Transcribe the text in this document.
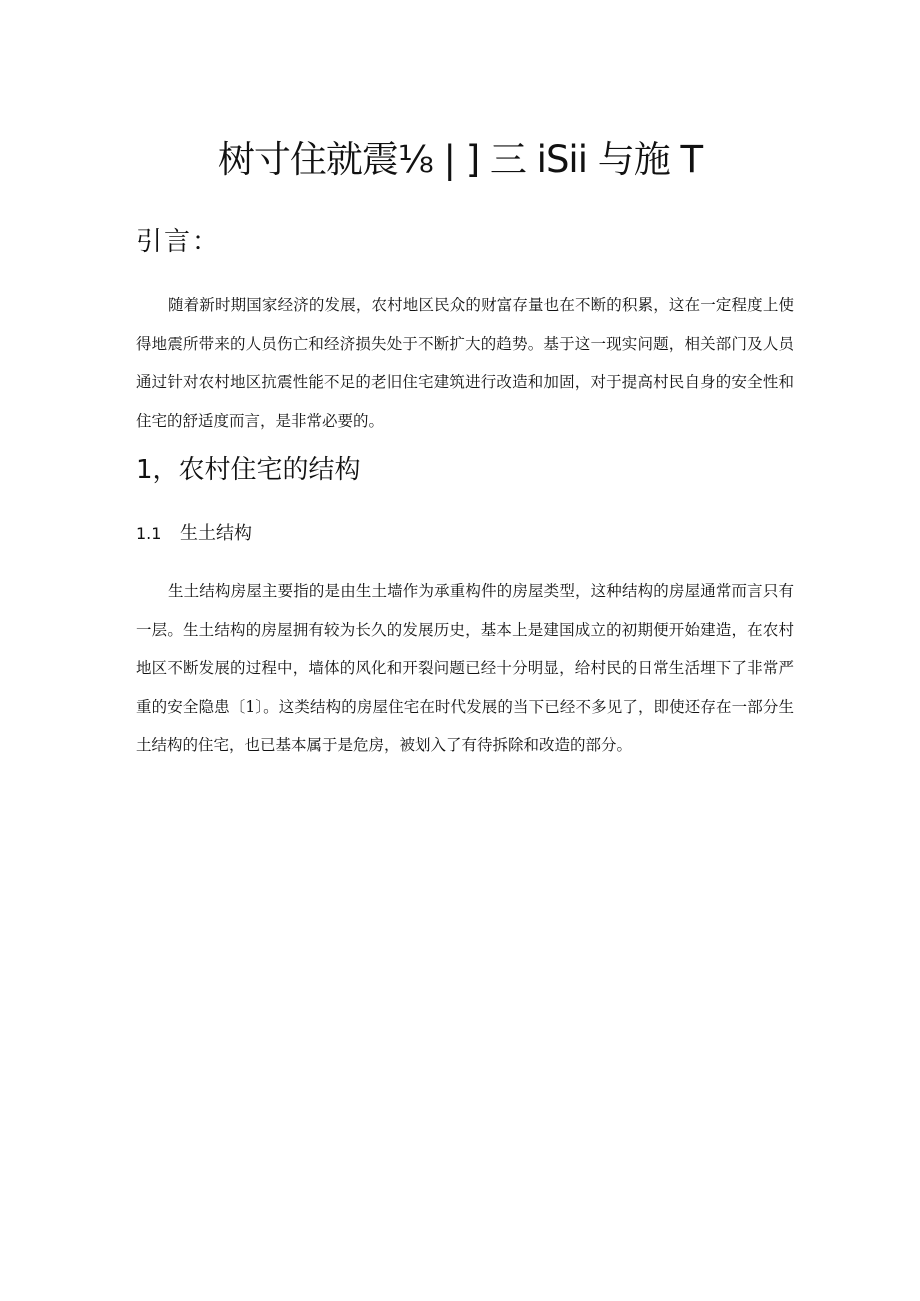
树寸住就震⅛ | ] 三 iSii 与施 T
引言：

随着新时期国家经济的发展，农村地区民众的财富存量也在不断的积累，这在一定程度上使得地震所带来的人员伤亡和经济损失处于不断扩大的趋势。基于这一现实问题，相关部门及人员通过针对农村地区抗震性能不足的老旧住宅建筑进行改造和加固，对于提高村民自身的安全性和住宅的舒适度而言，是非常必要的。

1，农村住宅的结构
1.1 生土结构

生土结构房屋主要指的是由生土墙作为承重构件的房屋类型，这种结构的房屋通常而言只有一层。生土结构的房屋拥有较为长久的发展历史，基本上是建国成立的初期便开始建造，在农村地区不断发展的过程中，墙体的风化和开裂问题已经十分明显，给村民的日常生活埋下了非常严重的安全隐患〔1〕。这类结构的房屋住宅在时代发展的当下已经不多见了，即使还存在一部分生土结构的住宅，也已基本属于是危房，被划入了有待拆除和改造的部分。
